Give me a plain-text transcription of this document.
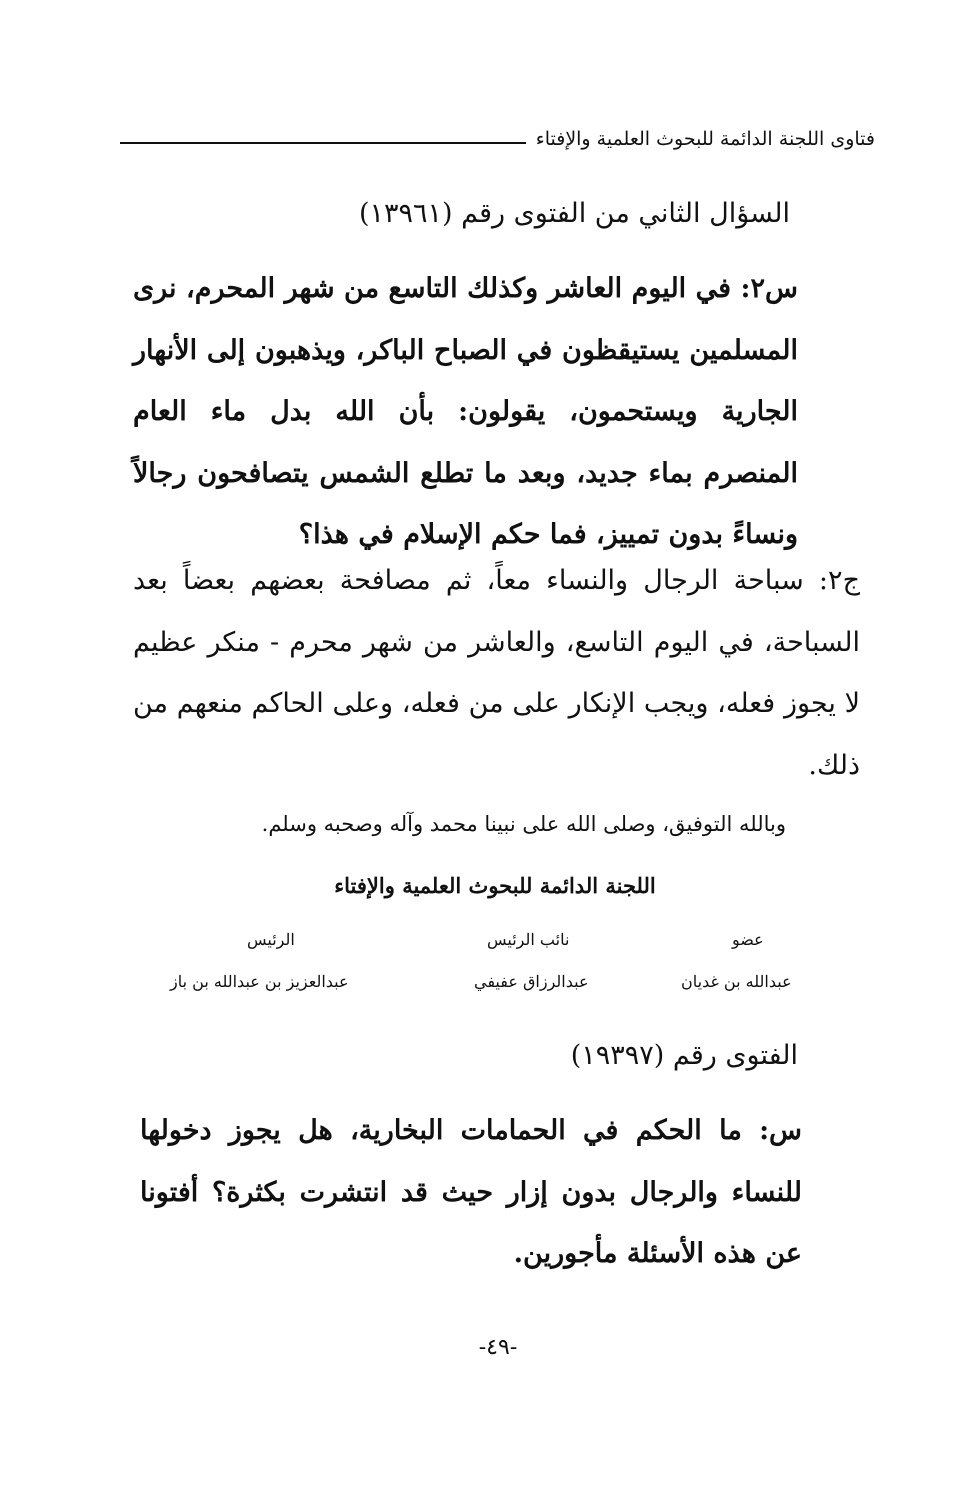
فتاوى اللجنة الدائمة للبحوث العلمية والإفتاء
السؤال الثاني من الفتوى رقم (١٣٩٦١)
س٢: في اليوم العاشر وكذلك التاسع من شهر المحرم، نرى المسلمين يستيقظون في الصباح الباكر، ويذهبون إلى الأنهار الجارية ويستحمون، يقولون: بأن الله بدل ماء العام المنصرم بماء جديد، وبعد ما تطلع الشمس يتصافحون رجالاً ونساءً بدون تمييز، فما حكم الإسلام في هذا؟
ج٢: سباحة الرجال والنساء معاً، ثم مصافحة بعضهم بعضاً بعد السباحة، في اليوم التاسع، والعاشر من شهر محرم - منكر عظيم لا يجوز فعله، ويجب الإنكار على من فعله، وعلى الحاكم منعهم من ذلك.
وبالله التوفيق، وصلى الله على نبينا محمد وآله وصحبه وسلم.
اللجنة الدائمة للبحوث العلمية والإفتاء
الرئيس
عبدالعزيز بن عبدالله بن باز
نائب الرئيس
عبدالرزاق عفيفي
عضو
عبدالله بن غديان
الفتوى رقم (١٩٣٩٧)
س: ما الحكم في الحمامات البخارية، هل يجوز دخولها للنساء والرجال بدون إزار حيث قد انتشرت بكثرة؟ أفتونا عن هذه الأسئلة مأجورين.
-٤٩-
